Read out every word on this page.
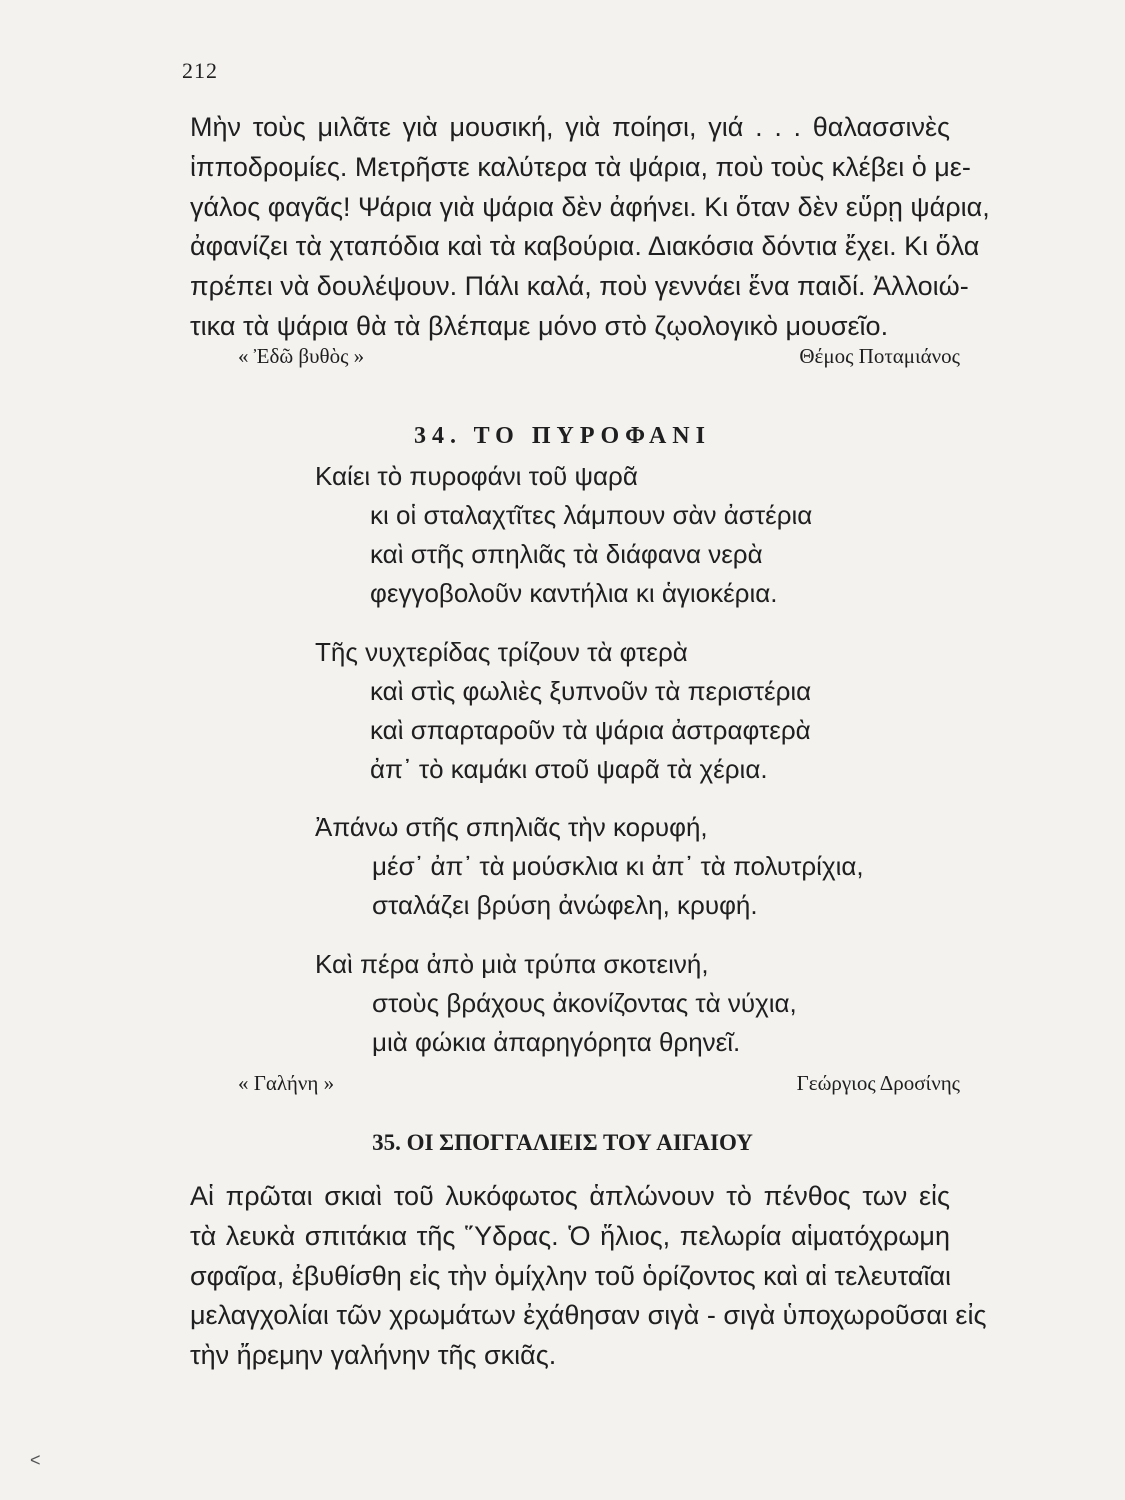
212
Μὴν τοὺς μιλᾶτε γιὰ μουσική, γιὰ ποίησι, γιά . . . θαλασσινὲς
ἱπποδρομίες. Μετρῆστε καλύτερα τὰ ψάρια, ποὺ τοὺς κλέβει ὁ με-
γάλος φαγᾶς! Ψάρια γιὰ ψάρια δὲν ἀφήνει. Κι ὅταν δὲν εὕρῃ ψάρια,
ἀφανίζει τὰ χταπόδια καὶ τὰ καβούρια. Διακόσια δόντια ἔχει. Κι ὅλα
πρέπει νὰ δουλέψουν. Πάλι καλά, ποὺ γεννάει ἕνα παιδί. Ἀλλοιώ-
τικα τὰ ψάρια θὰ τὰ βλέπαμε μόνο στὸ ζῳολογικὸ μουσεῖο.
« Ἐδῶ βυθὸς »	Θέμος Ποταμιάνος
34. ΤΟ ΠΥΡΟΦΑΝΙ
Καίει τὸ πυροφάνι τοῦ ψαρᾶ
κι οἱ σταλαχτῖτες λάμπουν σὰν ἀστέρια
καὶ στῆς σπηλιᾶς τὰ διάφανα νερὰ
φεγγοβολοῦν καντήλια κι ἁγιοκέρια.
Τῆς νυχτερίδας τρίζουν τὰ φτερὰ
καὶ στὶς φωλιὲς ξυπνοῦν τὰ περιστέρια
καὶ σπαρταροῦν τὰ ψάρια ἀστραφτερὰ
ἀπ᾿ τὸ καμάκι στοῦ ψαρᾶ τὰ χέρια.
Ἀπάνω στῆς σπηλιᾶς τὴν κορυφή,
μέσ᾿ ἀπ᾿ τὰ μούσκλια κι ἀπ᾿ τὰ πολυτρίχια,
σταλάζει βρύση ἀνώφελη, κρυφή.
Καὶ πέρα ἀπὸ μιὰ τρύπα σκοτεινή,
στοὺς βράχους ἀκονίζοντας τὰ νύχια,
μιὰ φώκια ἀπαρηγόρητα θρηνεῖ.
« Γαλήνη »	Γεώργιος Δροσίνης
35. ΟΙ ΣΠΟΓΓΑΛΙΕΙΣ ΤΟΥ ΑΙΓΑΙΟΥ
Αἱ πρῶται σκιαὶ τοῦ λυκόφωτος ἁπλώνουν τὸ πένθος των εἰς
τὰ λευκὰ σπιτάκια τῆς Ὕδρας. Ὁ ἥλιος, πελωρία αἱματόχρωμη
σφαῖρα, ἐβυθίσθη εἰς τὴν ὁμίχλην τοῦ ὁρίζοντος καὶ αἱ τελευταῖαι
μελαγχολίαι τῶν χρωμάτων ἐχάθησαν σιγὰ - σιγὰ ὑποχωροῦσαι εἰς
τὴν ἤρεμην γαλήνην τῆς σκιᾶς.
˂
